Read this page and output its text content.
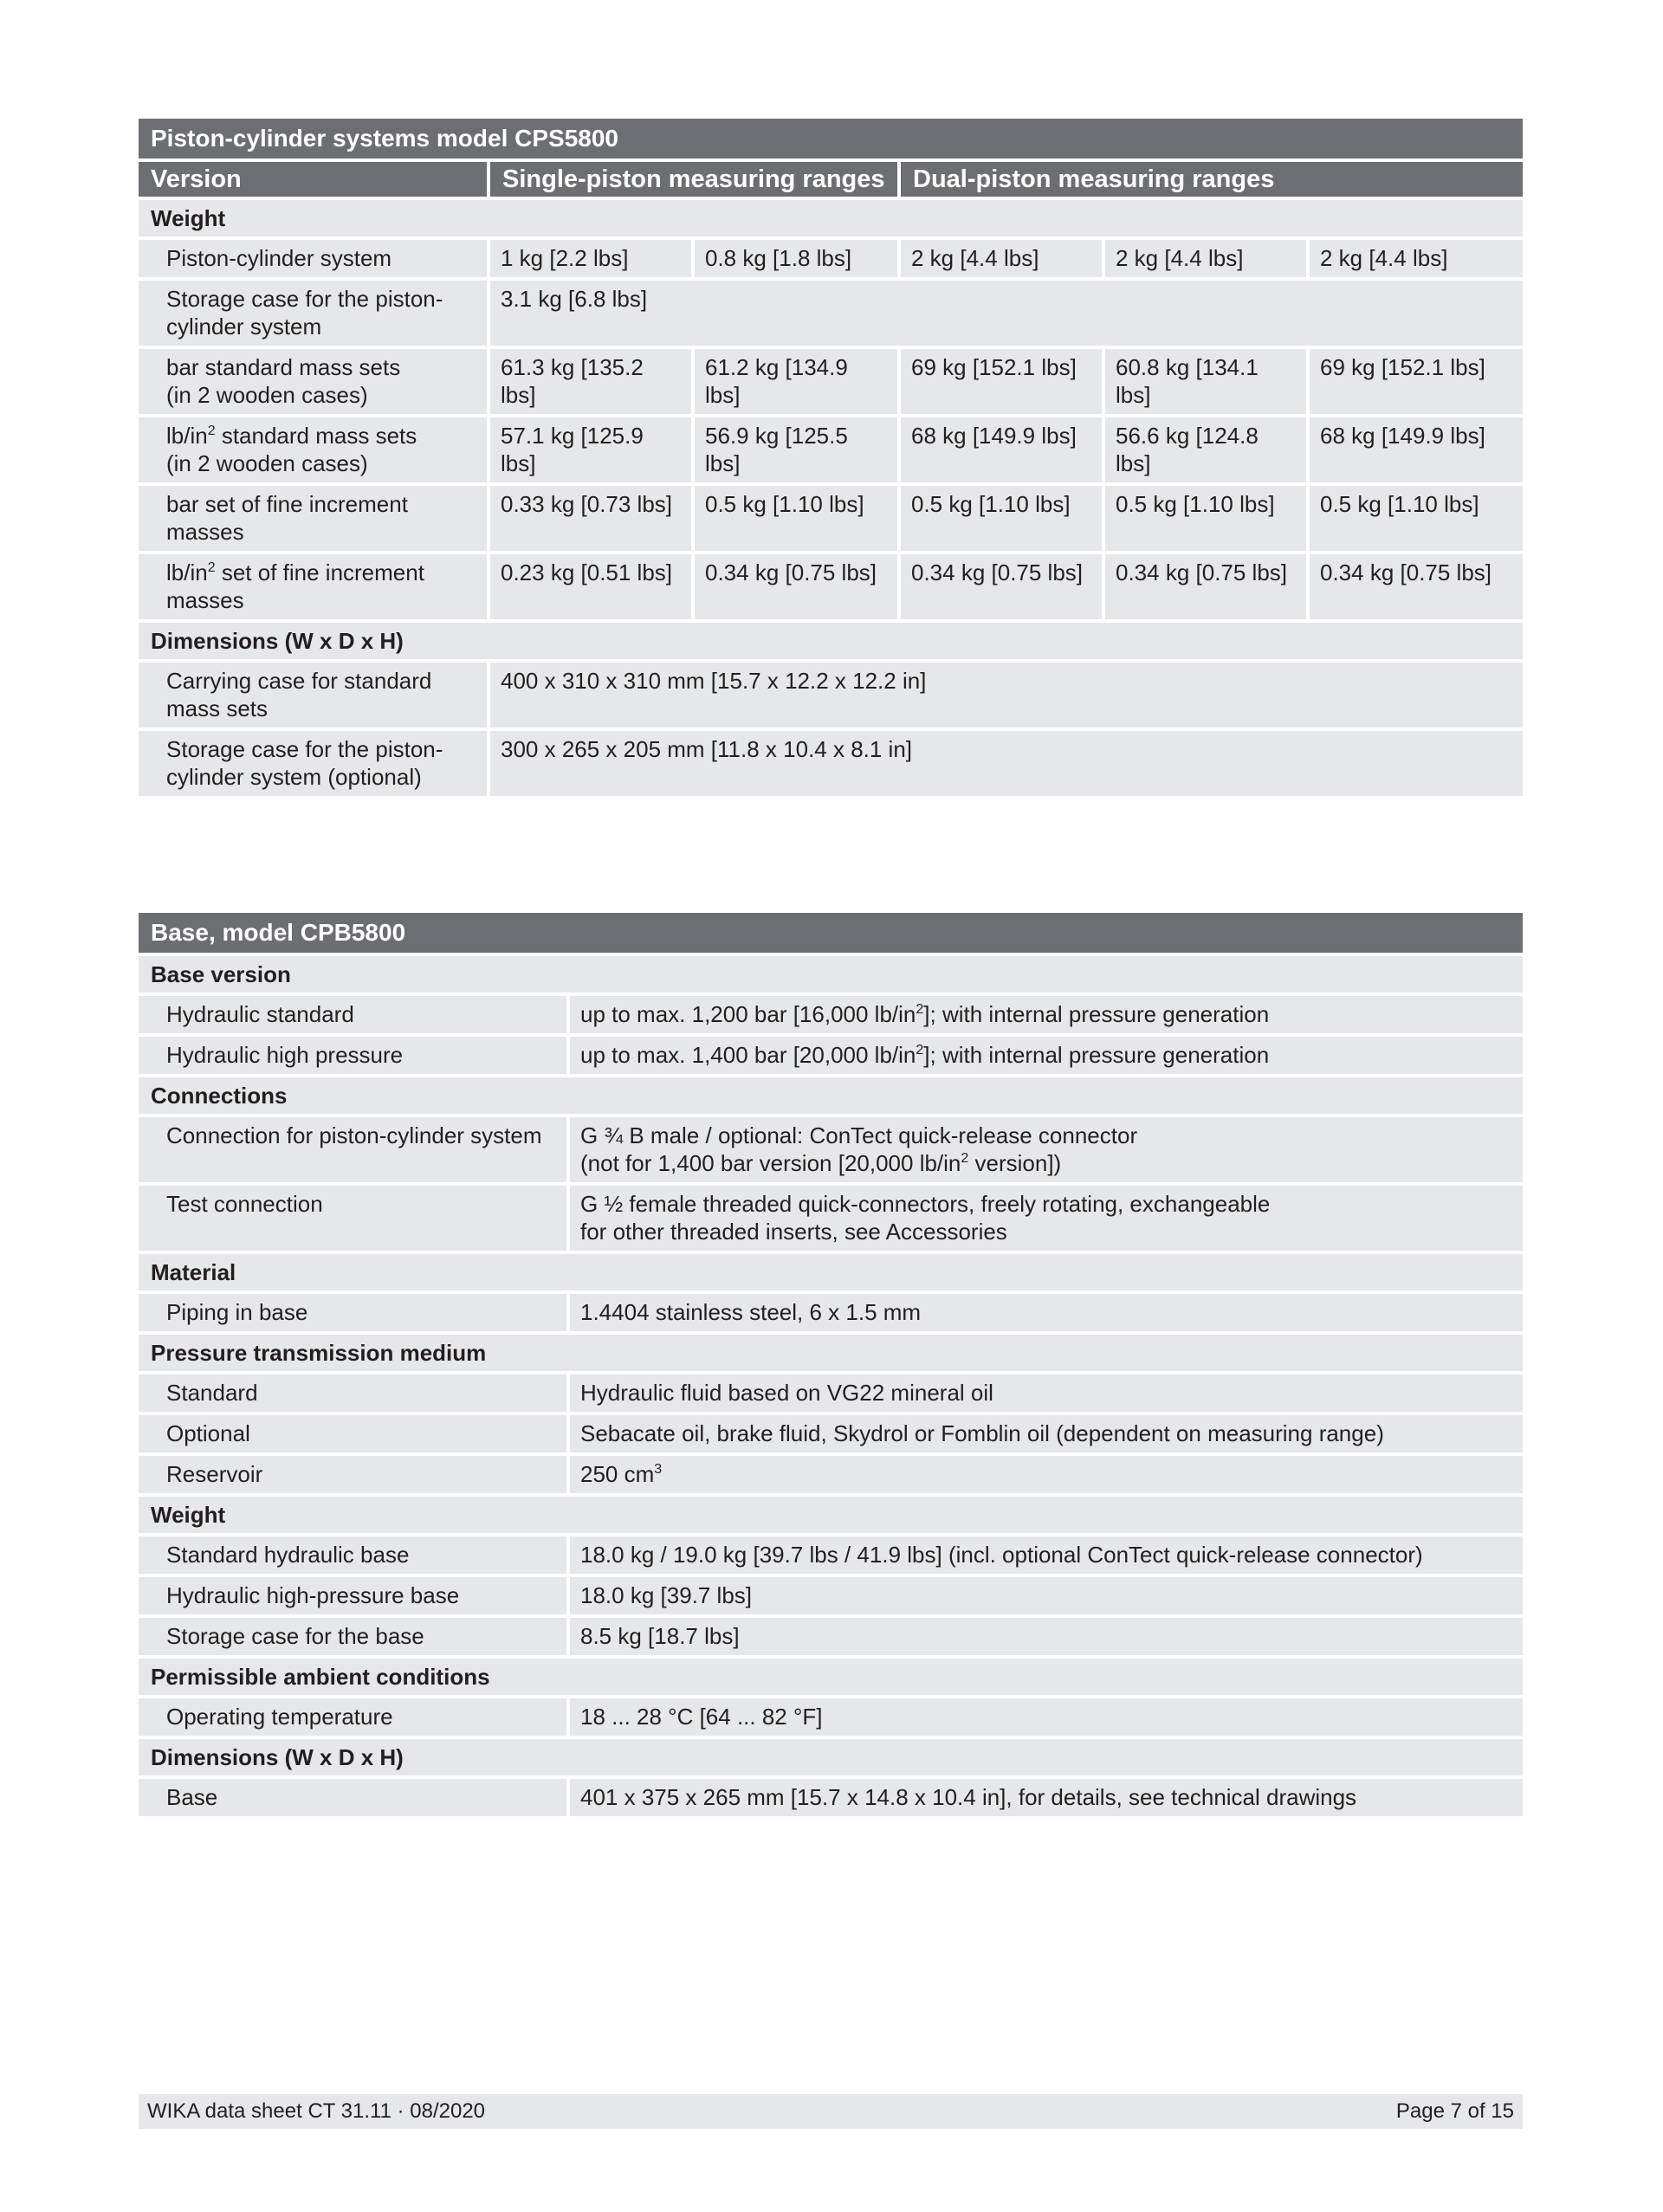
Piston-cylinder systems model CPS5800					
Version	Single-piston measuring ranges		Dual-piston measuring ranges		
Weight					
Piston-cylinder system	1 kg [2.2 lbs]	0.8 kg [1.8 lbs]	2 kg [4.4 lbs]	2 kg [4.4 lbs]	2 kg [4.4 lbs]
Storage case for the piston-
cylinder system	3.1 kg [6.8 lbs]				
bar standard mass sets
(in 2 wooden cases)	61.3 kg [135.2 lbs]	61.2 kg [134.9 lbs]	69 kg [152.1 lbs]	60.8 kg [134.1 lbs]	69 kg [152.1 lbs]
$lb/in^2$ standard mass sets
(in 2 wooden cases)	57.1 kg [125.9 lbs]	56.9 kg [125.5 lbs]	68 kg [149.9 lbs]	56.6 kg [124.8 lbs]	68 kg [149.9 lbs]
bar set of fine increment
masses	0.33 kg [0.73 lbs]	0.5 kg [1.10 lbs]	0.5 kg [1.10 lbs]	0.5 kg [1.10 lbs]	0.5 kg [1.10 lbs]
$lb/in^2$ set of fine increment
masses	0.23 kg [0.51 lbs]	0.34 kg [0.75 lbs]	0.34 kg [0.75 lbs]	0.34 kg [0.75 lbs]	0.34 kg [0.75 lbs]
Dimensions (W x D x H)					
Carrying case for standard
mass sets	400 x 310 x 310 mm [15.7 x 12.2 x 12.2 in]				
Storage case for the piston-
cylinder system (optional)	300 x 265 x 205 mm [11.8 x 10.4 x 8.1 in]				
Base, model CPB5800	
Base version	
Hydraulic standard	up to max. 1,200 bar [16,000 $lb/in^2$]; with internal pressure generation
Hydraulic high pressure	up to max. 1,400 bar [20,000 $lb/in^2$]; with internal pressure generation
Connections	
Connection for piston-cylinder system	G ¾ B male / optional: ConTect quick-release connector
(not for 1,400 bar version [20,000 $lb/in^2$ version])
Test connection	G ½ female threaded quick-connectors, freely rotating, exchangeable
for other threaded inserts, see Accessories
Material	
Piping in base	1.4404 stainless steel, 6 x 1.5 mm
Pressure transmission medium	
Standard	Hydraulic fluid based on VG22 mineral oil
Optional	Sebacate oil, brake fluid, Skydrol or Fomblin oil (dependent on measuring range)
Reservoir	250 $cm^3$
Weight	
Standard hydraulic base	18.0 kg / 19.0 kg [39.7 lbs / 41.9 lbs] (incl. optional ConTect quick-release connector)
Hydraulic high-pressure base	18.0 kg [39.7 lbs]
Storage case for the base	8.5 kg [18.7 lbs]
Permissible ambient conditions	
Operating temperature	18 ... 28 °C [64 ... 82 °F]
Dimensions (W x D x H)	
Base	401 x 375 x 265 mm [15.7 x 14.8 x 10.4 in], for details, see technical drawings
WIKA data sheet CT 31.11 · 08/2020	Page 7 of 15
